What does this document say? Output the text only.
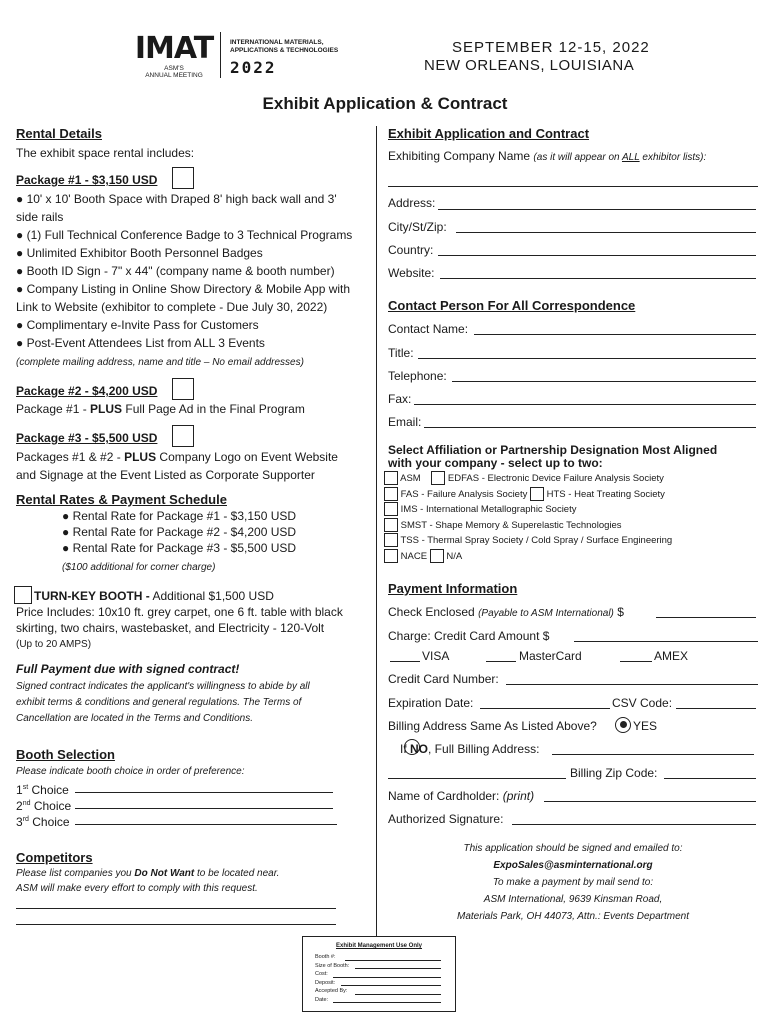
IMAT
ASM'S
ANNUAL MEETING
INTERNATIONAL MATERIALS,
APPLICATIONS & TECHNOLOGIES
2022
SEPTEMBER 12-15, 2022
NEW ORLEANS, LOUISIANA
Exhibit Application & Contract
Rental Details
The exhibit space rental includes:
Package #1 - $3,150 USD
● 10' x 10' Booth Space with Draped 8' high back wall and 3'
side rails
● (1) Full Technical Conference Badge to 3 Technical Programs
● Unlimited Exhibitor Booth Personnel Badges
● Booth ID Sign - 7" x 44" (company name & booth number)
● Company Listing in Online Show Directory & Mobile App with
Link to Website (exhibitor to complete - Due July 30, 2022)
● Complimentary e-Invite Pass for Customers
● Post-Event Attendees List from ALL 3 Events
(complete mailing address, name and title – No email addresses)
Package #2 - $4,200 USD
Package #1 - PLUS Full Page Ad in the Final Program
Package #3 - $5,500 USD
Packages #1 & #2 - PLUS Company Logo on Event Website
and Signage at the Event Listed as Corporate Supporter
Rental Rates & Payment Schedule
● Rental Rate for Package #1 - $3,150 USD
● Rental Rate for Package #2 - $4,200 USD
● Rental Rate for Package #3 - $5,500 USD
($100 additional for corner charge)
TURN-KEY BOOTH - Additional $1,500 USD
Price Includes: 10x10 ft. grey carpet, one 6 ft. table with black
skirting, two chairs, wastebasket, and Electricity - 120-Volt
(Up to 20 AMPS)
Full Payment due with signed contract!
Signed contract indicates the applicant's willingness to abide by all
exhibit terms & conditions and general regulations. The Terms of
Cancellation are located in the Terms and Conditions.
Booth Selection
Please indicate booth choice in order of preference:
1st Choice
2nd Choice
3rd Choice
Competitors
Please list companies you Do Not Want to be located near.
ASM will make every effort to comply with this request.
Exhibit Application and Contract
Exhibiting Company Name (as it will appear on ALL exhibitor lists):
Address:
City/St/Zip:
Country:
Website:
Contact Person For All Correspondence
Contact Name:
Title:
Telephone:
Fax:
Email:
Select Affiliation or Partnership Designation Most Aligned
with your company - select up to two:
ASM	EDFAS - Electronic Device Failure Analysis Society
FAS - Failure Analysis Society HTS - Heat Treating Society
IMS - International Metallographic Society
SMST - Shape Memory & Superelastic Technologies
TSS - Thermal Spray Society / Cold Spray / Surface Engineering
NACE N/A
Payment Information
Check Enclosed (Payable to ASM International) $
Charge: Credit Card Amount $
VISA	MasterCard	AMEX
Credit Card Number:
Expiration Date:	CSV Code:
Billing Address Same As Listed Above?
	YES
If NO, Full Billing Address:
Billing Zip Code:
Name of Cardholder: (print)
Authorized Signature:
This application should be signed and emailed to:
ExpoSales@asminternational.org
To make a payment by mail send to:
ASM International, 9639 Kinsman Road,
Materials Park, OH 44073, Attn.: Events Department
Exhibit Management Use Only
Booth #:
Size of Booth:
Cost:
Deposit:
Accepted By:
Date:
